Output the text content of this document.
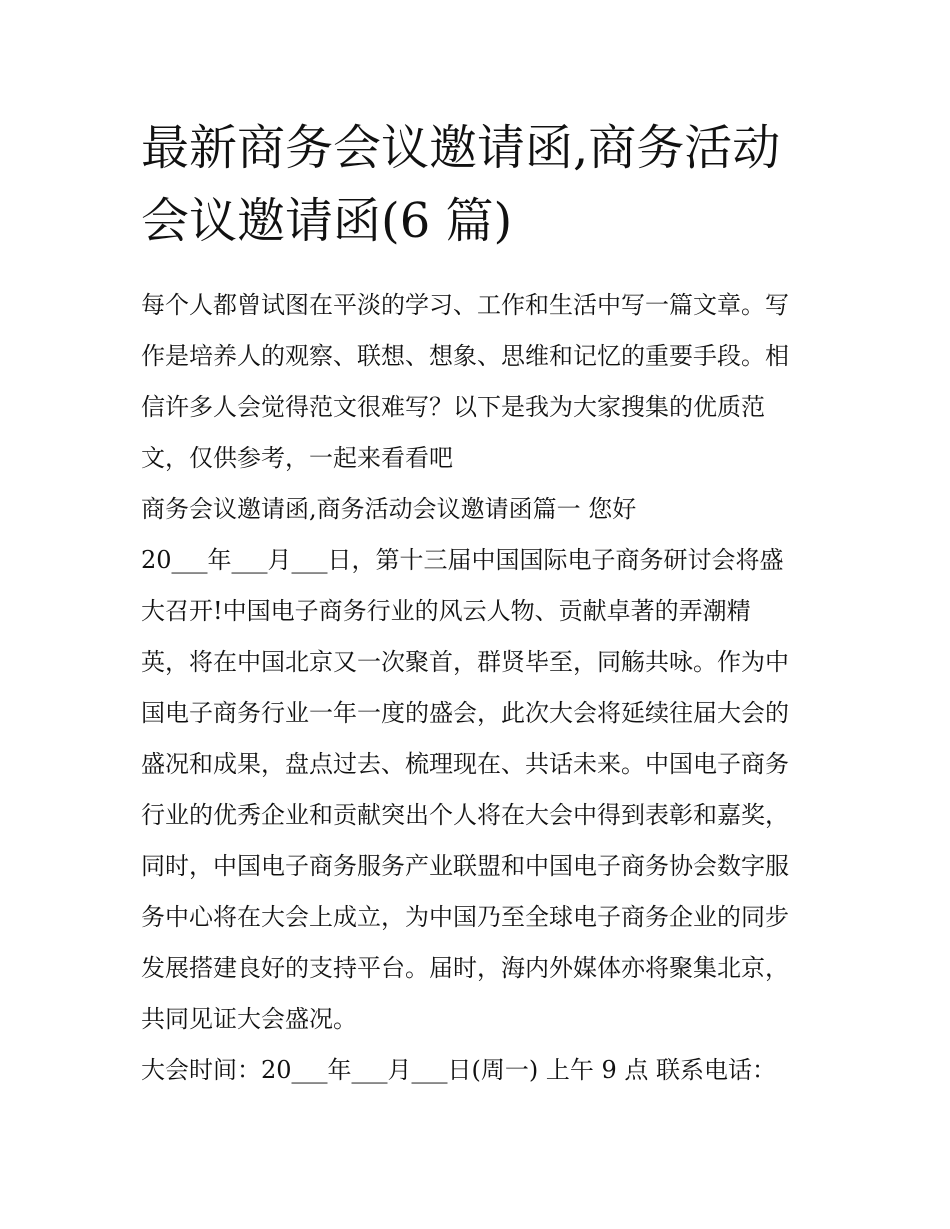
最新商务会议邀请函,商务活动
会议邀请函(6 篇)
每个人都曾试图在平淡的学习、工作和生活中写一篇文章。写
作是培养人的观察、联想、想象、思维和记忆的重要手段。相
信许多人会觉得范文很难写？以下是我为大家搜集的优质范
文，仅供参考，一起来看看吧
商务会议邀请函,商务活动会议邀请函篇一 您好
20___年___月___日，第十三届中国国际电子商务研讨会将盛
大召开!中国电子商务行业的风云人物、贡献卓著的弄潮精
英，将在中国北京又一次聚首，群贤毕至，同觞共咏。作为中
国电子商务行业一年一度的盛会，此次大会将延续往届大会的
盛况和成果，盘点过去、梳理现在、共话未来。中国电子商务
行业的优秀企业和贡献突出个人将在大会中得到表彰和嘉奖，
同时，中国电子商务服务产业联盟和中国电子商务协会数字服
务中心将在大会上成立，为中国乃至全球电子商务企业的同步
发展搭建良好的支持平台。届时，海内外媒体亦将聚集北京，
共同见证大会盛况。
大会时间：20___年___月___日(周一) 上午 9 点 联系电话：
